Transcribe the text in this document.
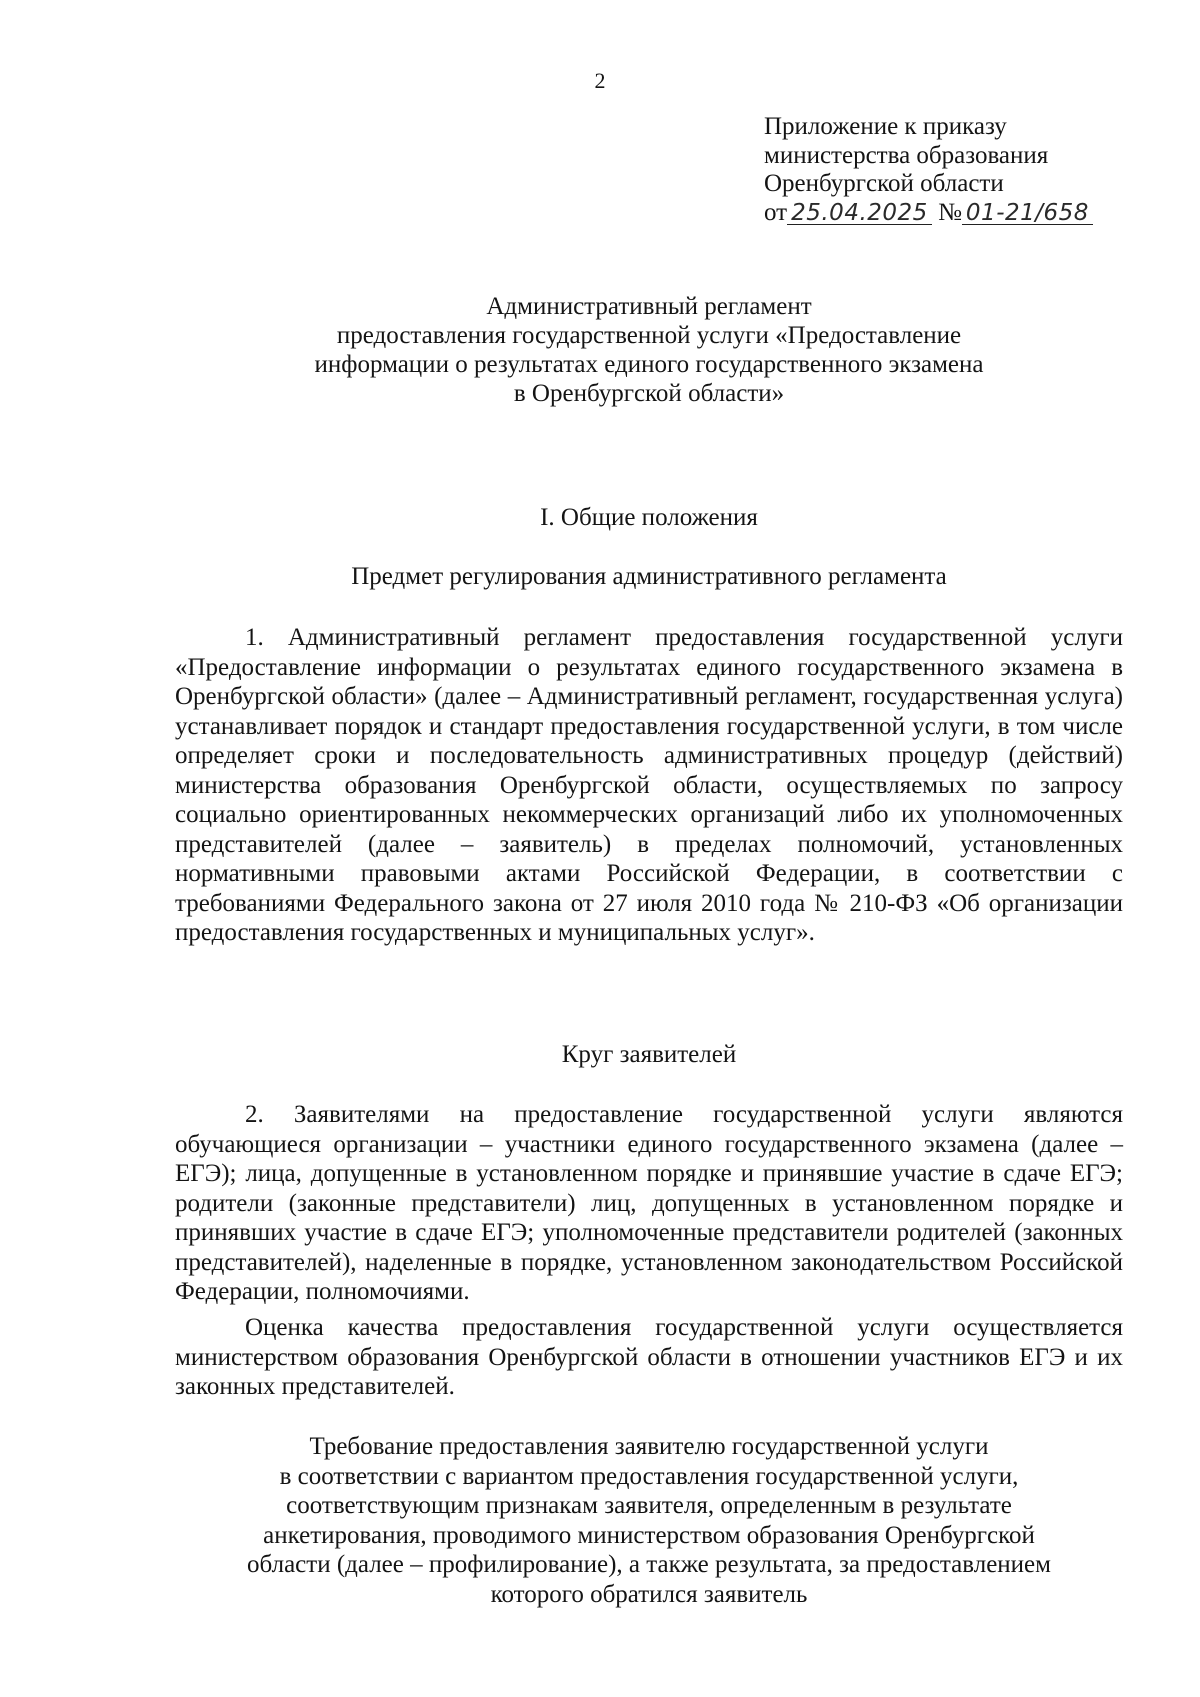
2
Приложение к приказу
министерства образования
Оренбургской области
от 25.04.2025 № 01-21/658
Административный регламент
предоставления государственной услуги «Предоставление
информации о результатах единого государственного экзамена
в Оренбургской области»
I. Общие положения
Предмет регулирования административного регламента
1. Административный регламент предоставления государственной услуги «Предоставление информации о результатах единого государственного экзамена в Оренбургской области» (далее – Административный регламент, государственная услуга) устанавливает порядок и стандарт предоставления государственной услуги, в том числе определяет сроки и последовательность административных процедур (действий) министерства образования Оренбургской области, осуществляемых по запросу социально ориентированных некоммерческих организаций либо их уполномоченных представителей (далее – заявитель) в пределах полномочий, установленных нормативными правовыми актами Российской Федерации, в соответствии с требованиями Федерального закона от 27 июля 2010 года № 210-ФЗ «Об организации предоставления государственных и муниципальных услуг».
Круг заявителей
2. Заявителями на предоставление государственной услуги являются обучающиеся организации – участники единого государственного экзамена (далее – ЕГЭ); лица, допущенные в установленном порядке и принявшие участие в сдаче ЕГЭ; родители (законные представители) лиц, допущенных в установленном порядке и принявших участие в сдаче ЕГЭ; уполномоченные представители родителей (законных представителей), наделенные в порядке, установленном законодательством Российской Федерации, полномочиями.
Оценка качества предоставления государственной услуги осуществляется министерством образования Оренбургской области в отношении участников ЕГЭ и их законных представителей.
Требование предоставления заявителю государственной услуги
в соответствии с вариантом предоставления государственной услуги,
соответствующим признакам заявителя, определенным в результате
анкетирования, проводимого министерством образования Оренбургской
области (далее – профилирование), а также результата, за предоставлением
которого обратился заявитель
